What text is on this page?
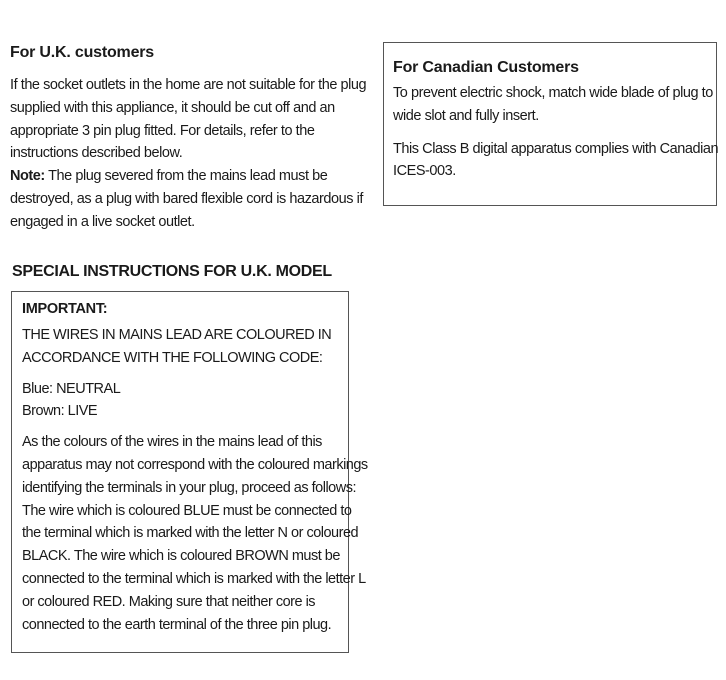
For U.K. customers

If the socket outlets in the home are not suitable for the plug
supplied with this appliance, it should be cut off and an
appropriate 3 pin plug fitted. For details, refer to the
instructions described below.
Note: The plug severed from the mains lead must be
destroyed, as a plug with bared flexible cord is hazardous if
engaged in a live socket outlet.

For Canadian Customers

To prevent electric shock, match wide blade of plug to
wide slot and fully insert.

This Class B digital apparatus complies with Canadian
ICES-003.

SPECIAL INSTRUCTIONS FOR U.K. MODEL
IMPORTANT:

THE WIRES IN MAINS LEAD ARE COLOURED IN
ACCORDANCE WITH THE FOLLOWING CODE:

Blue: NEUTRAL
Brown: LIVE

As the colours of the wires in the mains lead of this
apparatus may not correspond with the coloured markings
identifying the terminals in your plug, proceed as follows:
The wire which is coloured BLUE must be connected to
the terminal which is marked with the letter N or coloured
BLACK. The wire which is coloured BROWN must be
connected to the terminal which is marked with the letter L
or coloured RED. Making sure that neither core is
connected to the earth terminal of the three pin plug.
